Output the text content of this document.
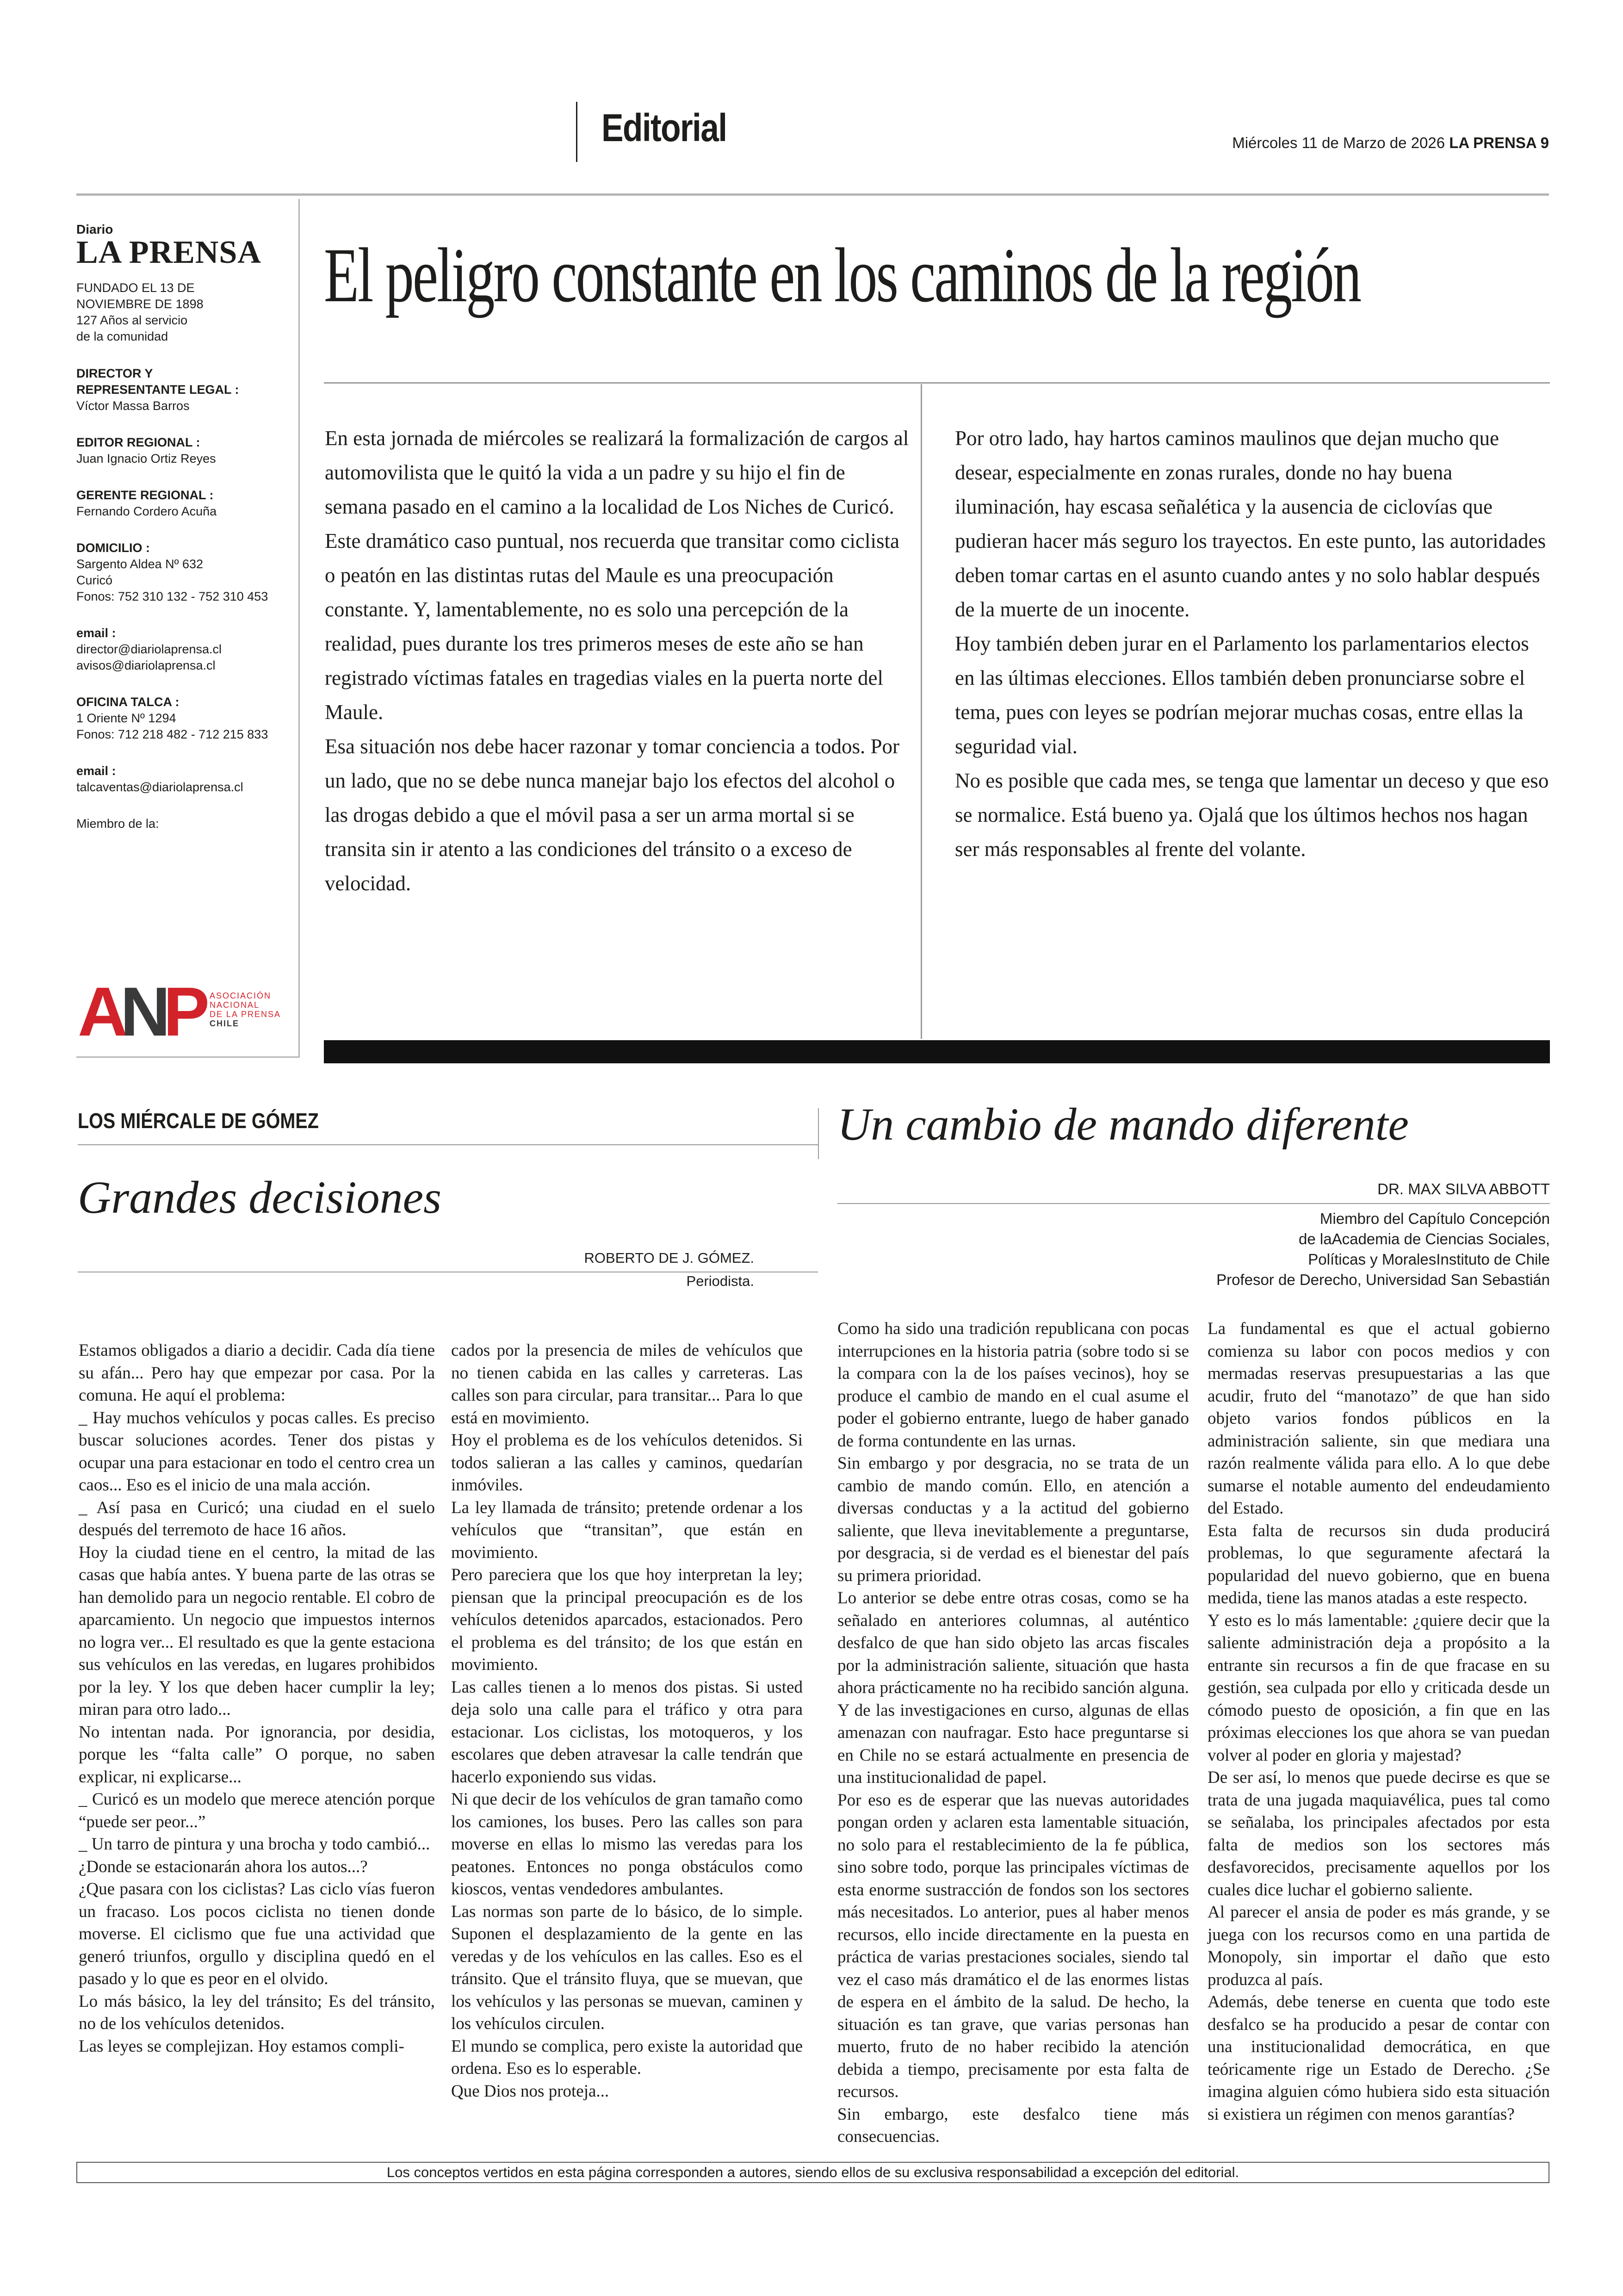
Editorial	Miércoles 11 de Marzo de 2026 LA PRENSA 9
Diario
LA PRENSA
FUNDADO EL 13 DE
NOVIEMBRE DE 1898
127 Años al servicio
de la comunidad
DIRECTOR Y
REPRESENTANTE LEGAL :
Víctor Massa Barros
EDITOR REGIONAL :
Juan Ignacio Ortiz Reyes
GERENTE REGIONAL :
Fernando Cordero Acuña
DOMICILIO :
Sargento Aldea Nº 632
Curicó
Fonos: 752 310 132 - 752 310 453
email :
director@diariolaprensa.cl
avisos@diariolaprensa.cl
OFICINA TALCA :
1 Oriente Nº 1294
Fonos: 712 218 482 - 712 215 833
email :
talcaventas@diariolaprensa.cl
Miembro de la:
A
N
P ASOCIACIÓN
NACIONAL
DE LA PRENSA
CHILE
El peligro constante en los caminos de la región

En esta jornada de miércoles se realizará la formalización de cargos al automovilista que le quitó la vida a un padre y su hijo el fin de semana pasado en el camino a la localidad de Los Niches de Curicó.

Este dramático caso puntual, nos recuerda que transitar como ciclista o peatón en las distintas rutas del Maule es una preocupación constante. Y, lamentablemente, no es solo una percepción de la realidad, pues durante los tres primeros meses de este año se han registrado víctimas fatales en tragedias viales en la puerta norte del Maule.

Esa situación nos debe hacer razonar y tomar conciencia a todos. Por un lado, que no se debe nunca manejar bajo los efectos del alcohol o las drogas debido a que el móvil pasa a ser un arma mortal si se transita sin ir atento a las condiciones del tránsito o a exceso de velocidad.

Por otro lado, hay hartos caminos maulinos que dejan mucho que desear, especialmente en zonas rurales, donde no hay buena iluminación, hay escasa señalética y la ausencia de ciclovías que pudieran hacer más seguro los trayectos. En este punto, las autoridades deben tomar cartas en el asunto cuando antes y no solo hablar después de la muerte de un inocente.

Hoy también deben jurar en el Parlamento los parlamentarios electos en las últimas elecciones. Ellos también deben pronunciarse sobre el tema, pues con leyes se podrían mejorar muchas cosas, entre ellas la seguridad vial.

No es posible que cada mes, se tenga que lamentar un deceso y que eso se normalice. Está bueno ya. Ojalá que los últimos hechos nos hagan ser más responsables al frente del volante.

LOS MIÉRCALE DE GÓMEZ
Grandes decisiones
ROBERTO DE J. GÓMEZ.
Periodista.

Estamos obligados a diario a decidir. Cada día tiene su afán... Pero hay que empezar por casa. Por la comuna. He aquí el problema:

_ Hay muchos vehículos y pocas calles. Es preciso buscar soluciones acordes. Tener dos pistas y ocupar una para estacionar en todo el centro crea un caos... Eso es el inicio de una mala acción.

_ Así pasa en Curicó; una ciudad en el suelo después del terremoto de hace 16 años.

Hoy la ciudad tiene en el centro, la mitad de las casas que había antes. Y buena parte de las otras se han demolido para un negocio rentable. El cobro de aparcamiento. Un negocio que impuestos internos no logra ver... El resultado es que la gente estaciona sus vehículos en las veredas, en lugares prohibidos por la ley. Y los que deben hacer cumplir la ley; miran para otro lado...

No intentan nada. Por ignorancia, por desidia, porque les “falta calle” O porque, no saben explicar, ni explicarse...

_ Curicó es un modelo que merece atención porque “puede ser peor...”

_ Un tarro de pintura y una brocha y todo cambió...

¿Donde se estacionarán ahora los autos...?

¿Que pasara con los ciclistas? Las ciclo vías fueron un fracaso. Los pocos ciclista no tienen donde moverse. El ciclismo que fue una actividad que generó triunfos, orgullo y disciplina quedó en el pasado y lo que es peor en el olvido.

Lo más básico, la ley del tránsito; Es del tránsito, no de los vehículos detenidos.

Las leyes se complejizan. Hoy estamos compli-

cados por la presencia de miles de vehículos que no tienen cabida en las calles y carreteras. Las calles son para circular, para transitar... Para lo que está en movimiento.

Hoy el problema es de los vehículos detenidos. Si todos salieran a las calles y caminos, quedarían inmóviles.

La ley llamada de tránsito; pretende ordenar a los vehículos que “transitan”, que están en movimiento.

Pero pareciera que los que hoy interpretan la ley; piensan que la principal preocupación es de los vehículos detenidos aparcados, estacionados. Pero el problema es del tránsito; de los que están en movimiento.

Las calles tienen a lo menos dos pistas. Si usted deja solo una calle para el tráfico y otra para estacionar. Los ciclistas, los motoqueros, y los escolares que deben atravesar la calle tendrán que hacerlo exponiendo sus vidas.

Ni que decir de los vehículos de gran tamaño como los camiones, los buses. Pero las calles son para moverse en ellas lo mismo las veredas para los peatones. Entonces no ponga obstáculos como kioscos, ventas vendedores ambulantes.

Las normas son parte de lo básico, de lo simple. Suponen el desplazamiento de la gente en las veredas y de los vehículos en las calles. Eso es el tránsito. Que el tránsito fluya, que se muevan, que los vehículos y las personas se muevan, caminen y los vehículos circulen.

El mundo se complica, pero existe la autoridad que ordena. Eso es lo esperable.

Que Dios nos proteja...

Un cambio de mando diferente
DR. MAX SILVA ABBOTT
Miembro del Capítulo Concepción
de laAcademia de Ciencias Sociales,
Políticas y MoralesInstituto de Chile
Profesor de Derecho, Universidad San Sebastián

Como ha sido una tradición republicana con pocas interrupciones en la historia patria (sobre todo si se la compara con la de los países vecinos), hoy se produce el cambio de mando en el cual asume el poder el gobierno entrante, luego de haber ganado de forma contundente en las urnas.

Sin embargo y por desgracia, no se trata de un cambio de mando común. Ello, en atención a diversas conductas y a la actitud del gobierno saliente, que lleva inevitablemente a preguntarse, por desgracia, si de verdad es el bienestar del país su primera prioridad.

Lo anterior se debe entre otras cosas, como se ha señalado en anteriores columnas, al auténtico desfalco de que han sido objeto las arcas fiscales por la administración saliente, situación que hasta ahora prácticamente no ha recibido sanción alguna. Y de las investigaciones en curso, algunas de ellas amenazan con naufragar. Esto hace preguntarse si en Chile no se estará actualmente en presencia de una institucionalidad de papel.

Por eso es de esperar que las nuevas autoridades pongan orden y aclaren esta lamentable situación, no solo para el restablecimiento de la fe pública, sino sobre todo, porque las principales víctimas de esta enorme sustracción de fondos son los sectores más necesitados. Lo anterior, pues al haber menos recursos, ello incide directamente en la puesta en práctica de varias prestaciones sociales, siendo tal vez el caso más dramático el de las enormes listas de espera en el ámbito de la salud. De hecho, la situación es tan grave, que varias personas han muerto, fruto de no haber recibido la atención debida a tiempo, precisamente por esta falta de recursos.

Sin embargo, este desfalco tiene más consecuencias.

La fundamental es que el actual gobierno comienza su labor con pocos medios y con mermadas reservas presupuestarias a las que acudir, fruto del “manotazo” de que han sido objeto varios fondos públicos en la administración saliente, sin que mediara una razón realmente válida para ello. A lo que debe sumarse el notable aumento del endeudamiento del Estado.

Esta falta de recursos sin duda producirá problemas, lo que seguramente afectará la popularidad del nuevo gobierno, que en buena medida, tiene las manos atadas a este respecto.

Y esto es lo más lamentable: ¿quiere decir que la saliente administración deja a propósito a la entrante sin recursos a fin de que fracase en su gestión, sea culpada por ello y criticada desde un cómodo puesto de oposición, a fin que en las próximas elecciones los que ahora se van puedan volver al poder en gloria y majestad?

De ser así, lo menos que puede decirse es que se trata de una jugada maquiavélica, pues tal como se señalaba, los principales afectados por esta falta de medios son los sectores más desfavorecidos, precisamente aquellos por los cuales dice luchar el gobierno saliente.

Al parecer el ansia de poder es más grande, y se juega con los recursos como en una partida de Monopoly, sin importar el daño que esto produzca al país.

Además, debe tenerse en cuenta que todo este desfalco se ha producido a pesar de contar con una institucionalidad democrática, en que teóricamente rige un Estado de Derecho. ¿Se imagina alguien cómo hubiera sido esta situación si existiera un régimen con menos garantías?

Los conceptos vertidos en esta página corresponden a autores, siendo ellos de su exclusiva responsabilidad a excepción del editorial.
